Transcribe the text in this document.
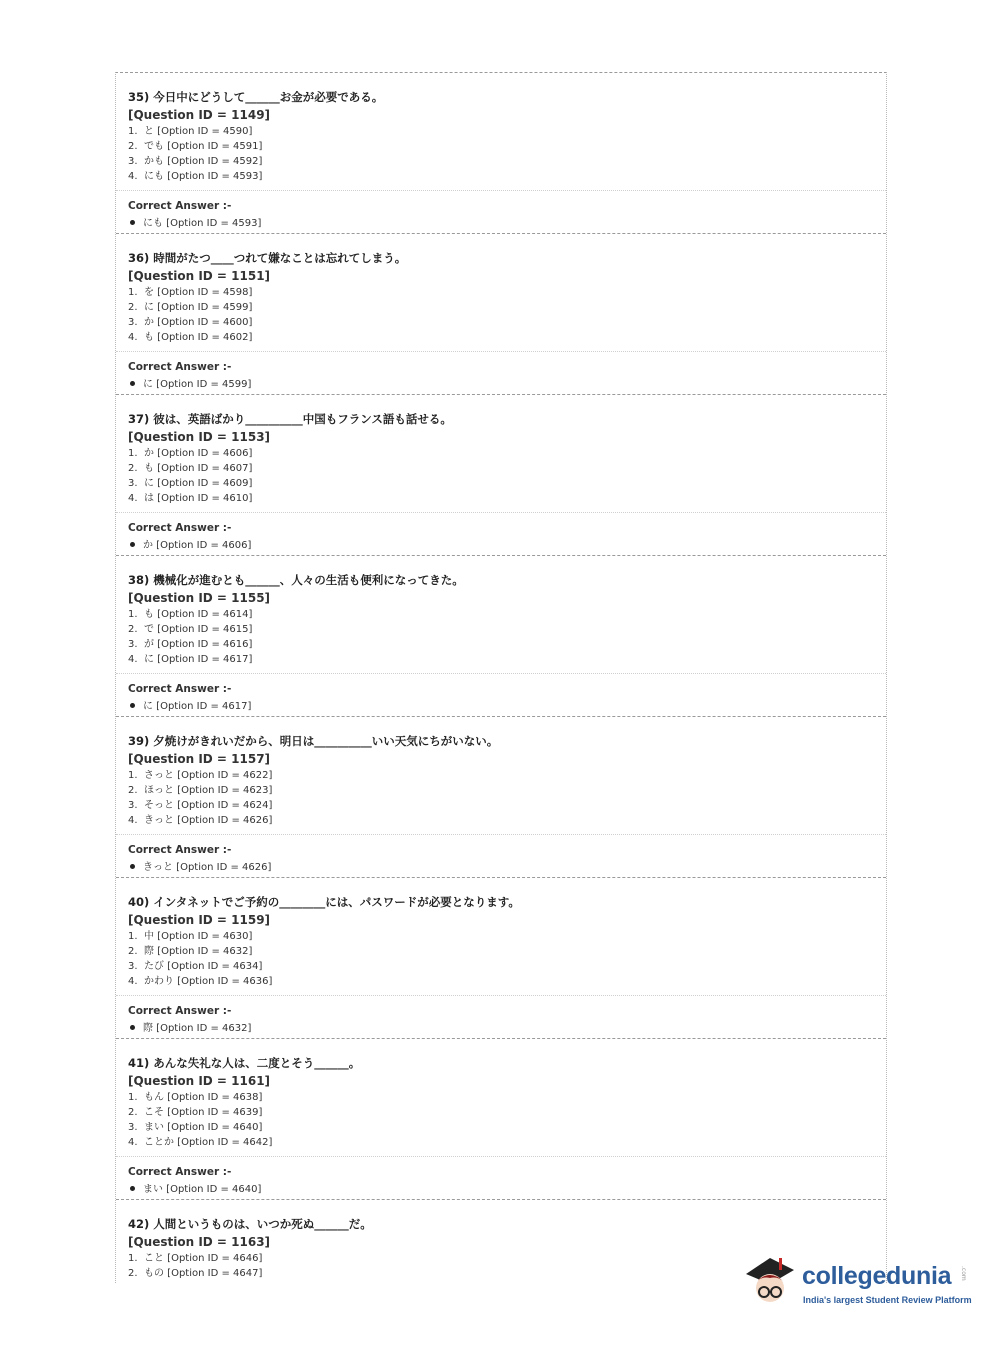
35) 今日中にどうして______お金が必要である。
[Question ID = 1149]
1. と [Option ID = 4590]
2. でも [Option ID = 4591]
3. かも [Option ID = 4592]
4. にも [Option ID = 4593]
Correct Answer :-
にも [Option ID = 4593]
36) 時間がたつ____つれて嫌なことは忘れてしまう。
[Question ID = 1151]
1. を [Option ID = 4598]
2. に [Option ID = 4599]
3. か [Option ID = 4600]
4. も [Option ID = 4602]
Correct Answer :-
に [Option ID = 4599]
37) 彼は、英語ばかり__________中国もフランス語も話せる。
[Question ID = 1153]
1. か [Option ID = 4606]
2. も [Option ID = 4607]
3. に [Option ID = 4609]
4. は [Option ID = 4610]
Correct Answer :-
か [Option ID = 4606]
38) 機械化が進むとも______、人々の生活も便利になってきた。
[Question ID = 1155]
1. も [Option ID = 4614]
2. で [Option ID = 4615]
3. が [Option ID = 4616]
4. に [Option ID = 4617]
Correct Answer :-
に [Option ID = 4617]
39) 夕焼けがきれいだから、明日は__________いい天気にちがいない。
[Question ID = 1157]
1. さっと [Option ID = 4622]
2. ほっと [Option ID = 4623]
3. そっと [Option ID = 4624]
4. きっと [Option ID = 4626]
Correct Answer :-
きっと [Option ID = 4626]
40) インタネットでご予約の________には、パスワードが必要となります。
[Question ID = 1159]
1. 中 [Option ID = 4630]
2. 際 [Option ID = 4632]
3. たび [Option ID = 4634]
4. かわり [Option ID = 4636]
Correct Answer :-
際 [Option ID = 4632]
41) あんな失礼な人は、二度とそう______。
[Question ID = 1161]
1. もん [Option ID = 4638]
2. こそ [Option ID = 4639]
3. まい [Option ID = 4640]
4. ことか [Option ID = 4642]
Correct Answer :-
まい [Option ID = 4640]
42) 人間というものは、いつか死ぬ______だ。
[Question ID = 1163]
1. こと [Option ID = 4646]
2. もの [Option ID = 4647]	collegedunia .com
India's largest Student Review Platform
